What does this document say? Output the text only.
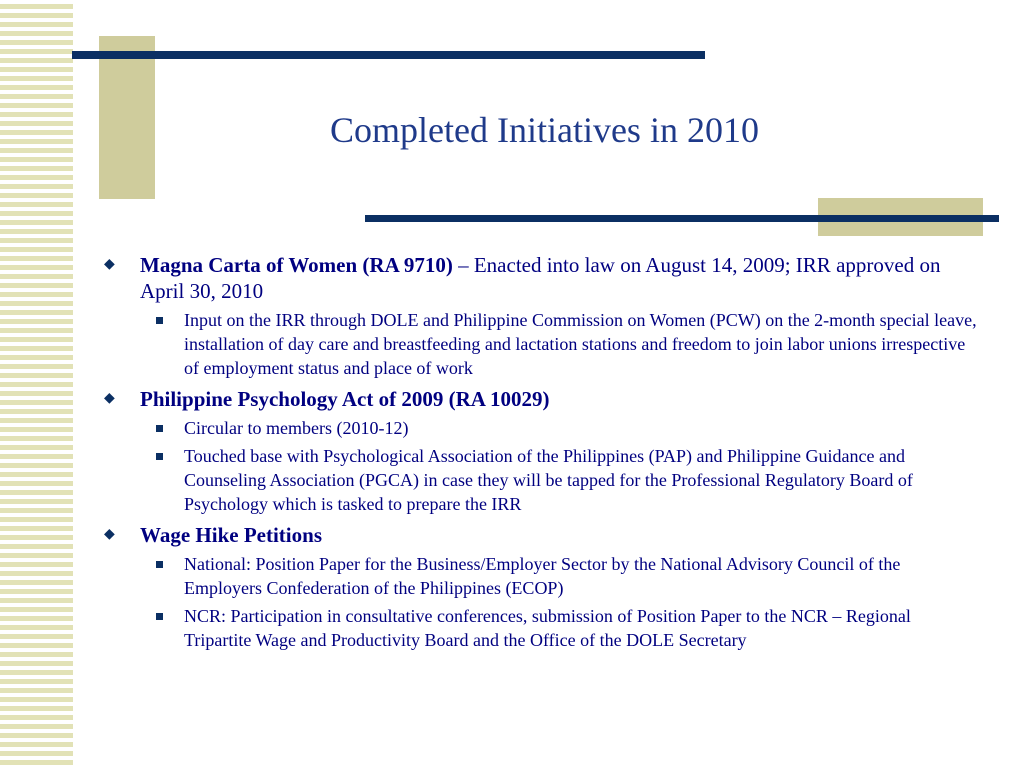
Completed Initiatives in 2010
◆ Magna Carta of Women (RA 9710) – Enacted into law on August 14, 2009; IRR approved on April 30, 2010
Input on the IRR through DOLE and Philippine Commission on Women (PCW) on the 2-month special leave, installation of day care and breastfeeding and lactation stations and freedom to join labor unions irrespective of employment status and place of work
◆ Philippine Psychology Act of 2009 (RA 10029)
Circular to members (2010-12)
Touched base with Psychological Association of the Philippines (PAP) and Philippine Guidance and Counseling Association (PGCA) in case they will be tapped for the Professional Regulatory Board of Psychology which is tasked to prepare the IRR
◆ Wage Hike Petitions
National: Position Paper for the Business/Employer Sector by the National Advisory Council of the Employers Confederation of the Philippines (ECOP)
NCR: Participation in consultative conferences, submission of Position Paper to the NCR – Regional Tripartite Wage and Productivity Board and the Office of the DOLE Secretary
